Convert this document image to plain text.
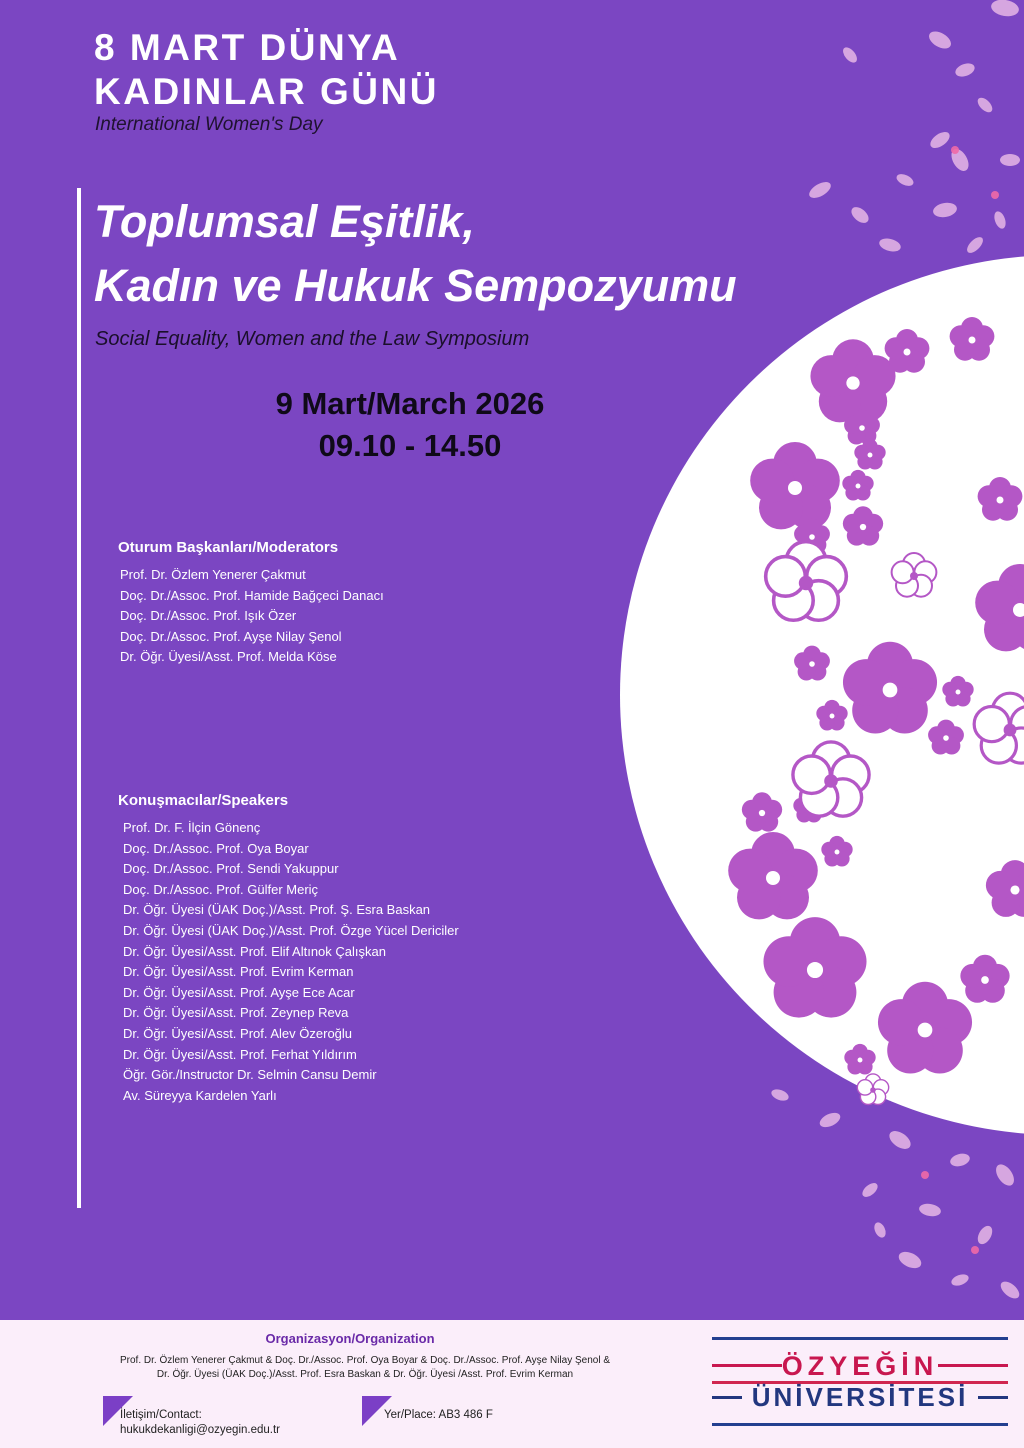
8 MART DÜNYA
KADINLAR GÜNÜ

International Women's Day

Toplumsal Eşitlik,
Kadın ve Hukuk Sempozyumu

Social Equality, Women and the Law Symposium

9 Mart/March 2026
09.10 - 14.50
Oturum Başkanları/Moderators
Prof. Dr. Özlem Yenerer Çakmut
Doç. Dr./Assoc. Prof. Hamide Bağçeci Danacı
Doç. Dr./Assoc. Prof. Işık Özer
Doç. Dr./Assoc. Prof. Ayşe Nilay Şenol
Dr. Öğr. Üyesi/Asst. Prof. Melda Köse
Konuşmacılar/Speakers
Prof. Dr. F. İlçin Gönenç
Doç. Dr./Assoc. Prof. Oya Boyar
Doç. Dr./Assoc. Prof. Sendi Yakuppur
Doç. Dr./Assoc. Prof. Gülfer Meriç
Dr. Öğr. Üyesi (ÜAK Doç.)/Asst. Prof. Ş. Esra Baskan
Dr. Öğr. Üyesi (ÜAK Doç.)/Asst. Prof. Özge Yücel Dericiler
Dr. Öğr. Üyesi/Asst. Prof. Elif Altınok Çalışkan
Dr. Öğr. Üyesi/Asst. Prof. Evrim Kerman
Dr. Öğr. Üyesi/Asst. Prof. Ayşe Ece Acar
Dr. Öğr. Üyesi/Asst. Prof. Zeynep Reva
Dr. Öğr. Üyesi/Asst. Prof. Alev Özeroğlu
Dr. Öğr. Üyesi/Asst. Prof. Ferhat Yıldırım
Öğr. Gör./Instructor Dr. Selmin Cansu Demir
Av. Süreyya Kardelen Yarlı
Organizasyon/Organization
Prof. Dr. Özlem Yenerer Çakmut & Doç. Dr./Assoc. Prof. Oya Boyar & Doç. Dr./Assoc. Prof. Ayşe Nilay Şenol &
Dr. Öğr. Üyesi (ÜAK Doç.)/Asst. Prof. Esra Baskan & Dr. Öğr. Üyesi /Asst. Prof. Evrim Kerman
İletişim/Contact:
hukukdekanligi@ozyegin.edu.tr
Yer/Place: AB3 486 F
ÖZYEĞİN
ÜNİVERSİTESİ
